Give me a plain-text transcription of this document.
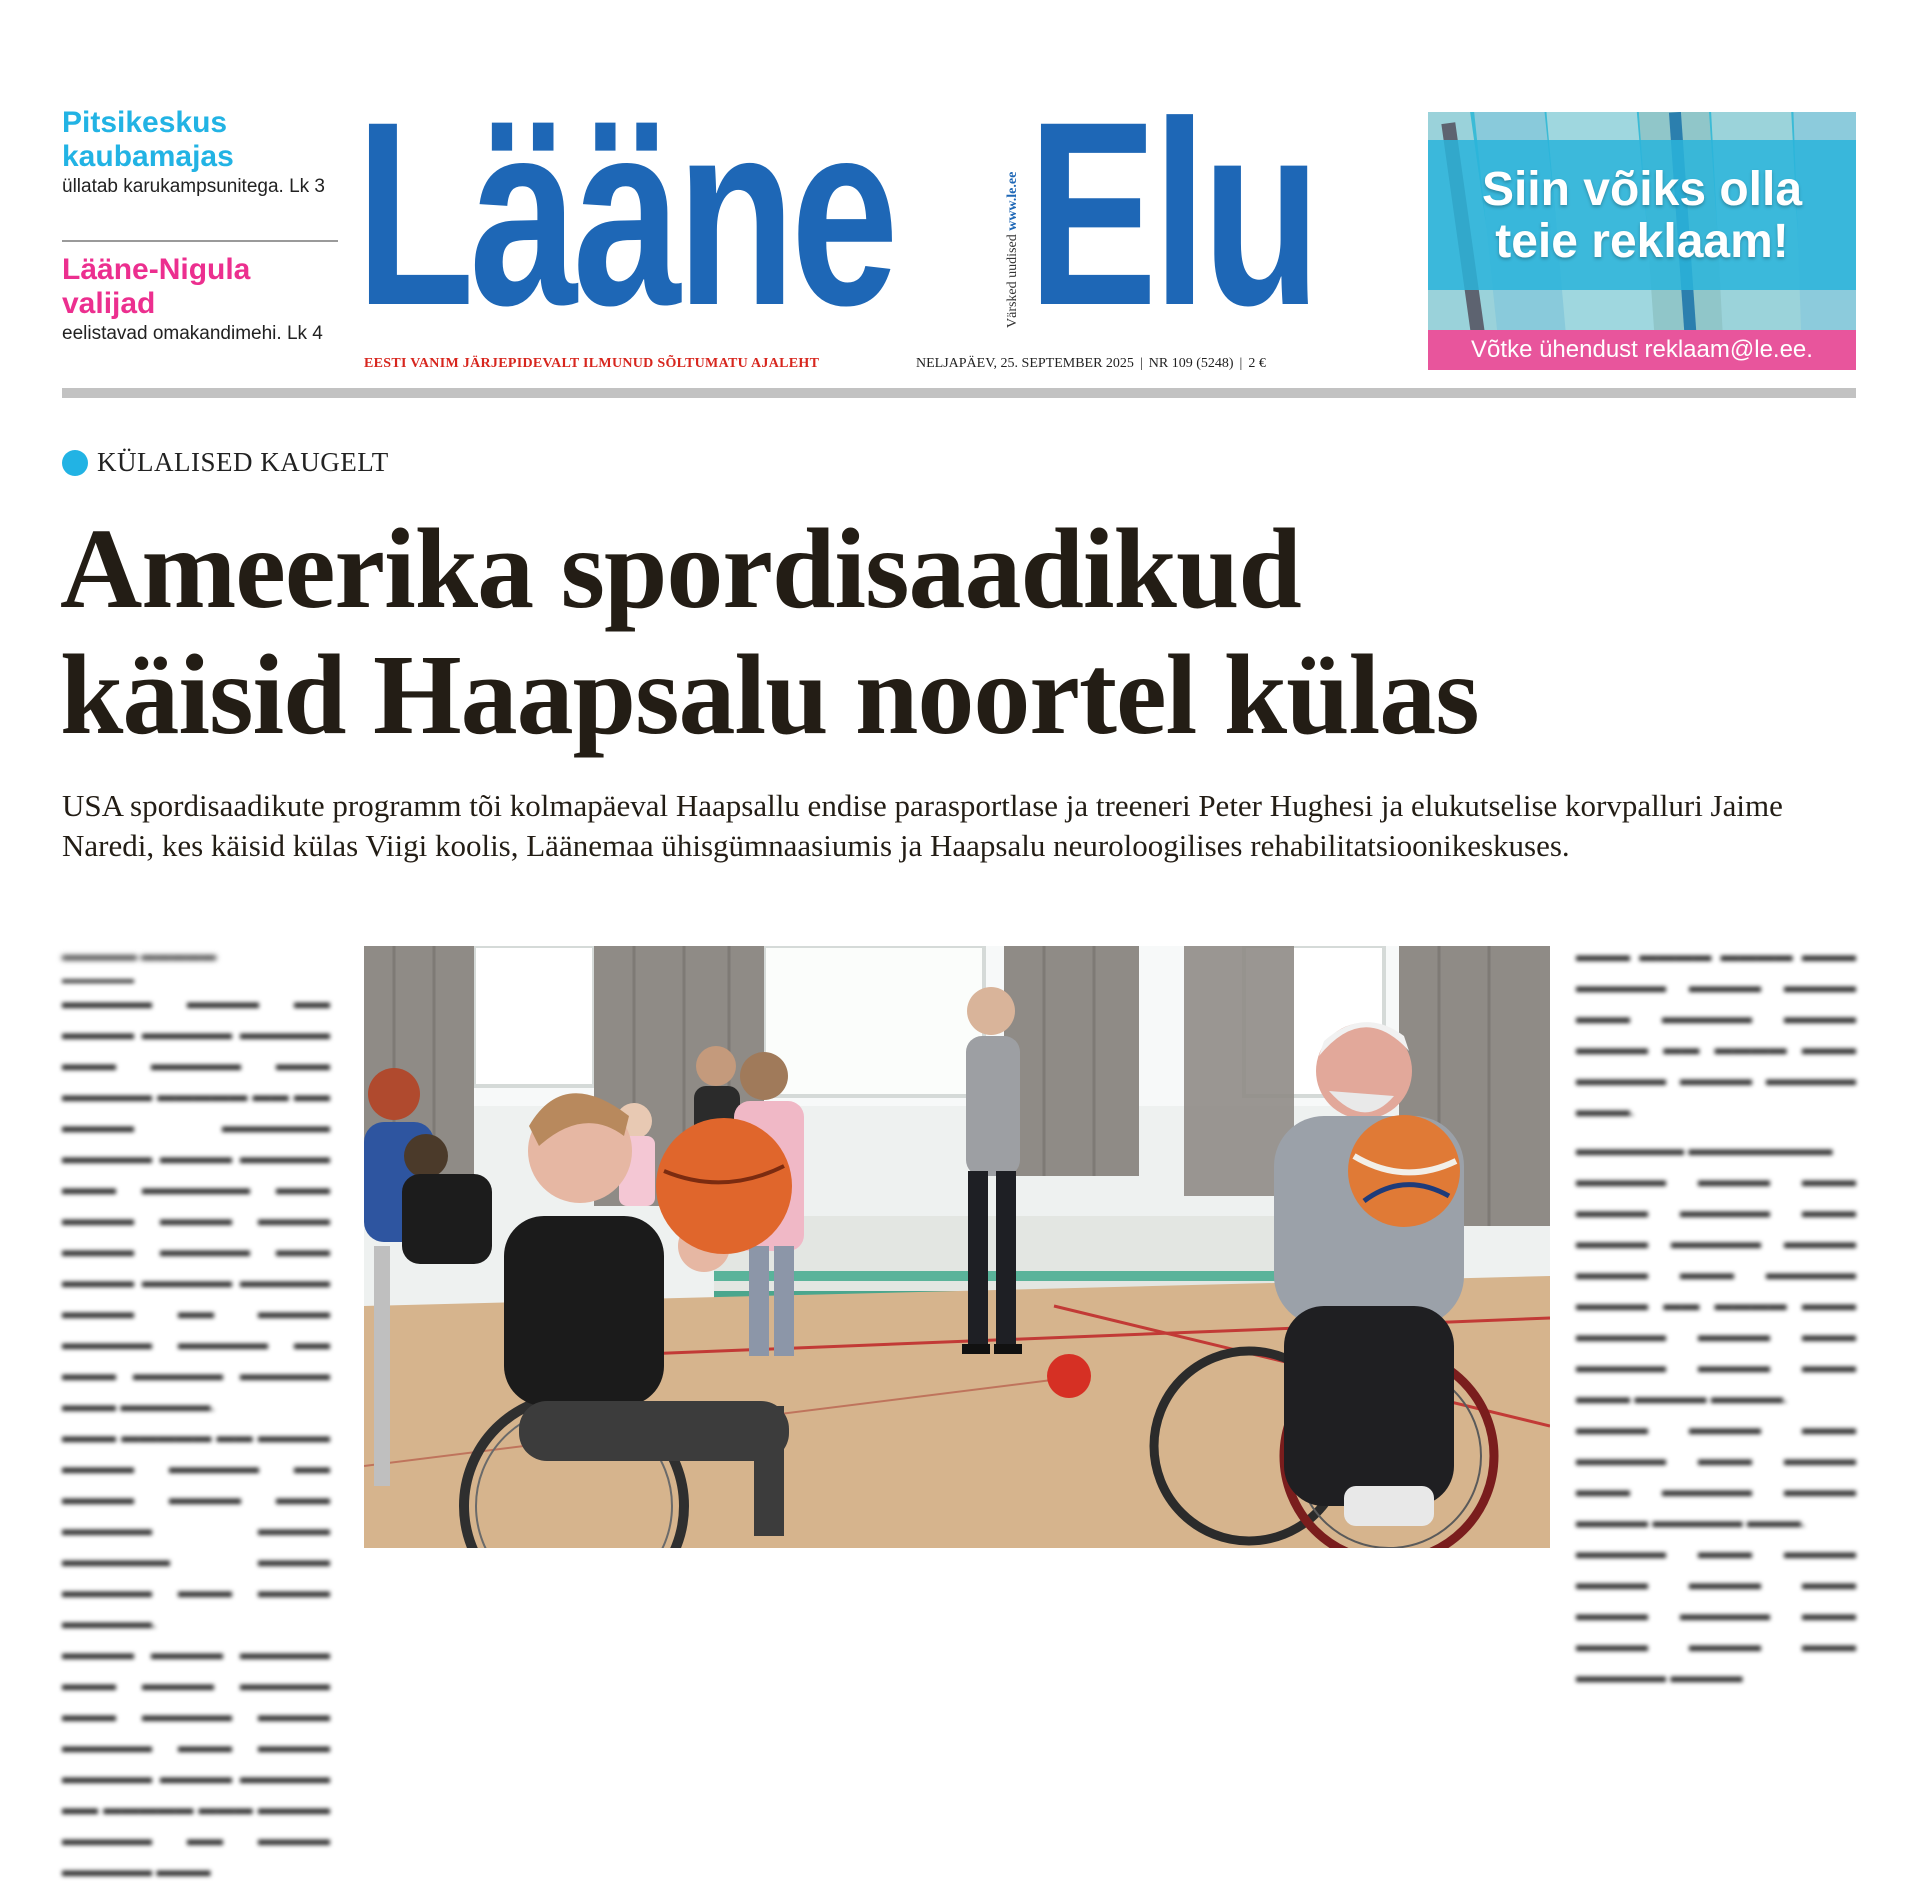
Pitsikeskus kaubamajas
üllatab karukampsunitega. Lk 3
Lääne-Nigula valijad
eelistavad omakandimehi. Lk 4 Lääne	Värsked uudised www.le.ee Elu
EESTI VANIM JÄRJEPIDEVALT ILMUNUD SÕLTUMATU AJALEHT	NELJAPÄEV, 25. SEPTEMBER 2025 | NR 109 (5248) | 2 €
Siin võiks olla
teie reklaam!
Võtke ühendust reklaam@le.ee.
KÜLALISED KAUGELT
Ameerika spordisaadikud
käisid Haapsalu noortel külas
USA spordisaadikute programm tõi kolmapäeval Haapsallu endise parasportlase ja treeneri Peter Hughesi ja elukutselise korvpalluri Jaime Naredi, kes käisid külas Viigi koolis, Läänemaa ühisgümnaasiumis ja Haapsalu neuroloogilises rehabilitatsioonikeskuses.
▬▬▬▬▬ ▬▬▬▬▬
▬▬▬▬▬▬
▬▬▬▬▬ ▬▬▬▬ ▬▬ ▬▬▬▬ ▬▬▬▬▬ ▬▬▬▬▬ ▬▬▬ ▬▬▬▬▬ ▬▬▬ ▬▬▬▬▬ ▬▬▬▬▬ ▬▬ ▬▬ ▬▬▬▬ ▬▬▬▬▬▬ ▬▬▬▬▬ ▬▬▬▬ ▬▬▬▬▬ ▬▬▬ ▬▬▬▬▬▬ ▬▬▬ ▬▬▬▬ ▬▬▬▬ ▬▬▬▬ ▬▬▬▬ ▬▬▬▬▬ ▬▬▬ ▬▬▬▬ ▬▬▬▬▬ ▬▬▬▬▬ ▬▬▬▬ ▬▬ ▬▬▬▬ ▬▬▬▬▬ ▬▬▬▬▬ ▬▬ ▬▬▬ ▬▬▬▬▬ ▬▬▬▬▬ ▬▬▬ ▬▬▬▬▬.
▬▬▬ ▬▬▬▬▬ ▬▬ ▬▬▬▬ ▬▬▬▬ ▬▬▬▬▬ ▬▬ ▬▬▬▬ ▬▬▬▬ ▬▬▬ ▬▬▬▬▬ ▬▬▬▬ ▬▬▬▬▬▬ ▬▬▬▬ ▬▬▬▬▬ ▬▬▬ ▬▬▬▬ ▬▬▬▬▬.
▬▬▬▬ ▬▬▬▬ ▬▬▬▬▬ ▬▬▬ ▬▬▬▬ ▬▬▬▬▬ ▬▬▬ ▬▬▬▬▬ ▬▬▬▬ ▬▬▬▬▬ ▬▬▬ ▬▬▬▬ ▬▬▬▬▬ ▬▬▬▬ ▬▬▬▬▬ ▬▬ ▬▬▬▬▬ ▬▬▬ ▬▬▬▬ ▬▬▬▬▬ ▬▬ ▬▬▬▬ ▬▬▬▬▬ ▬▬▬
▬▬▬ ▬▬▬▬ ▬▬▬▬ ▬▬▬ ▬▬▬▬▬ ▬▬▬▬ ▬▬▬▬ ▬▬▬ ▬▬▬▬▬ ▬▬▬▬ ▬▬▬▬ ▬▬ ▬▬▬▬ ▬▬▬ ▬▬▬▬▬ ▬▬▬▬ ▬▬▬▬▬ ▬▬▬.
▬▬▬▬▬▬ ▬▬▬▬▬▬▬▬
▬▬▬▬▬ ▬▬▬▬ ▬▬▬ ▬▬▬▬ ▬▬▬▬▬ ▬▬▬ ▬▬▬▬ ▬▬▬▬▬ ▬▬▬▬ ▬▬▬▬ ▬▬▬ ▬▬▬▬▬ ▬▬▬▬ ▬▬ ▬▬▬▬ ▬▬▬ ▬▬▬▬▬ ▬▬▬▬ ▬▬▬ ▬▬▬▬▬ ▬▬▬▬ ▬▬▬ ▬▬▬ ▬▬▬▬ ▬▬▬▬.
▬▬▬▬ ▬▬▬▬ ▬▬▬ ▬▬▬▬▬ ▬▬▬ ▬▬▬▬ ▬▬▬ ▬▬▬▬▬ ▬▬▬▬ ▬▬▬▬ ▬▬▬▬▬ ▬▬▬.
▬▬▬▬▬ ▬▬▬ ▬▬▬▬ ▬▬▬▬ ▬▬▬▬ ▬▬▬ ▬▬▬▬ ▬▬▬▬▬ ▬▬▬ ▬▬▬▬ ▬▬▬▬ ▬▬▬ ▬▬▬▬▬ ▬▬▬▬
